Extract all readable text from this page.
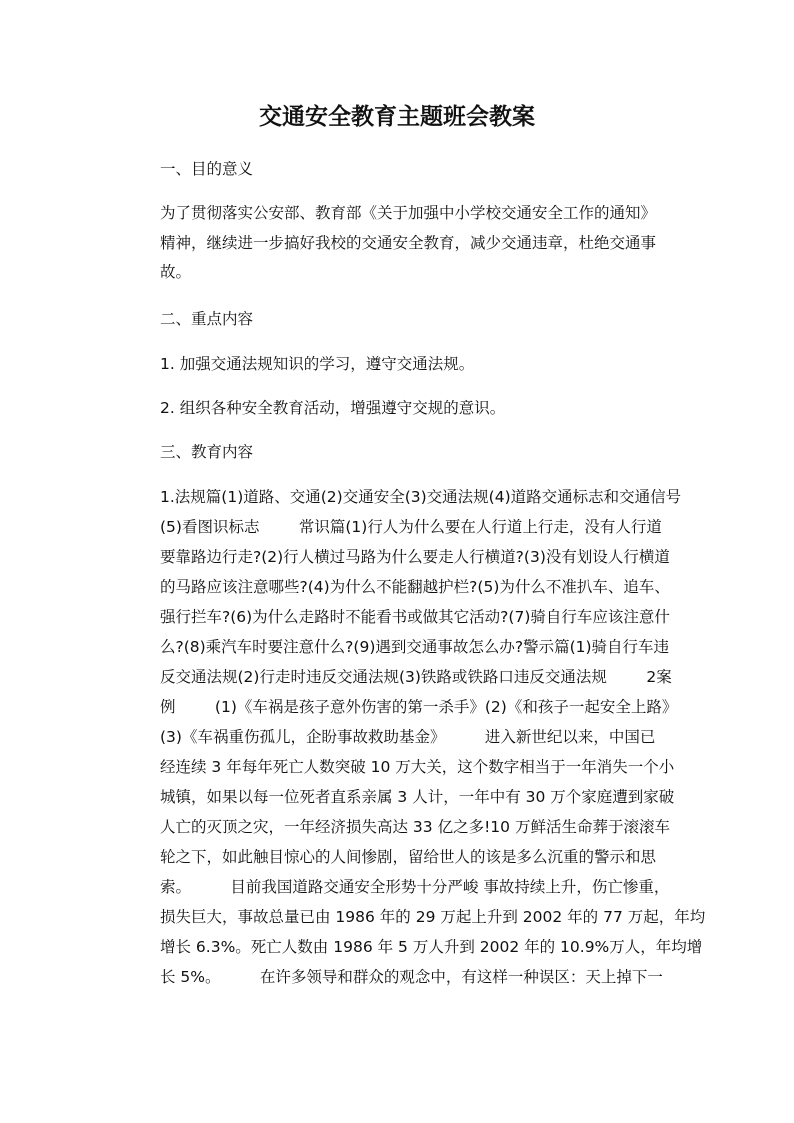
交通安全教育主题班会教案

一、目的意义

为了贯彻落实公安部、教育部《关于加强中小学校交通安全工作的通知》

精神，继续进一步搞好我校的交通安全教育，减少交通违章，杜绝交通事

故。

二、重点内容

1. 加强交通法规知识的学习，遵守交通法规。

2. 组织各种安全教育活动，增强遵守交规的意识。

三、教育内容

1.法规篇(1)道路、交通(2)交通安全(3)交通法规(4)道路交通标志和交通信号

(5)看图识标志        常识篇(1)行人为什么要在人行道上行走，没有人行道

要靠路边行走?(2)行人横过马路为什么要走人行横道?(3)没有划设人行横道

的马路应该注意哪些?(4)为什么不能翻越护栏?(5)为什么不准扒车、追车、

强行拦车?(6)为什么走路时不能看书或做其它活动?(7)骑自行车应该注意什

么?(8)乘汽车时要注意什么?(9)遇到交通事故怎么办?警示篇(1)骑自行车违

反交通法规(2)行走时违反交通法规(3)铁路或铁路口违反交通法规        2案

例        (1)《车祸是孩子意外伤害的第一杀手》(2)《和孩子一起安全上路》

(3)《车祸重伤孤儿，企盼事故救助基金》        进入新世纪以来，中国已

经连续 3 年每年死亡人数突破 10 万大关，这个数字相当于一年消失一个小

城镇，如果以每一位死者直系亲属 3 人计，一年中有 30 万个家庭遭到家破

人亡的灭顶之灾，一年经济损失高达 33 亿之多!10 万鲜活生命葬于滚滚车

轮之下，如此触目惊心的人间惨剧，留给世人的该是多么沉重的警示和思

索。        目前我国道路交通安全形势十分严峻 事故持续上升，伤亡惨重，

损失巨大，事故总量已由 1986 年的 29 万起上升到 2002 年的 77 万起，年均

增长 6.3%。死亡人数由 1986 年 5 万人升到 2002 年的 10.9%万人，年均增

长 5%。        在许多领导和群众的观念中，有这样一种误区：天上掉下一
